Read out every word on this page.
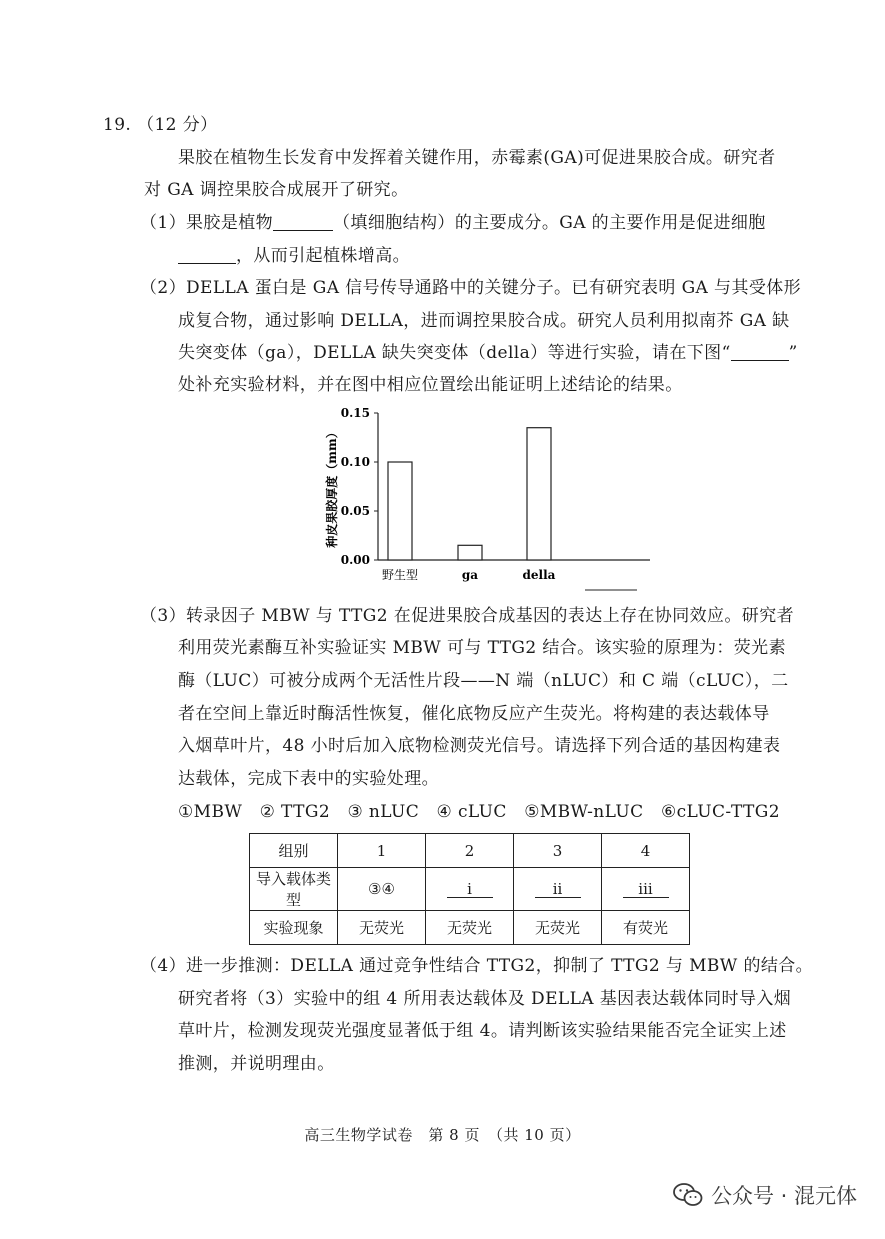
19. （12 分）
果胶在植物生长发育中发挥着关键作用，赤霉素(GA)可促进果胶合成。研究者
对 GA 调控果胶合成展开了研究。
（1）果胶是植物	（填细胞结构）的主要成分。GA 的主要作用是促进细胞
，从而引起植株增高。
（2）DELLA 蛋白是 GA 信号传导通路中的关键分子。已有研究表明 GA 与其受体形
成复合物，通过影响 DELLA，进而调控果胶合成。研究人员利用拟南芥 GA 缺
失突变体（ga），DELLA 缺失突变体（della）等进行实验，请在下图“	”
处补充实验材料，并在图中相应位置绘出能证明上述结论的结果。
0.15
0.10
0.05
0.00
野生型	ga	della
种皮果胶厚度（mm）
（3）转录因子 MBW 与 TTG2 在促进果胶合成基因的表达上存在协同效应。研究者
利用荧光素酶互补实验证实 MBW 可与 TTG2 结合。该实验的原理为：荧光素
酶（LUC）可被分成两个无活性片段——N 端（nLUC）和 C 端（cLUC），二
者在空间上靠近时酶活性恢复，催化底物反应产生荧光。将构建的表达载体导
入烟草叶片，48 小时后加入底物检测荧光信号。请选择下列合适的基因构建表
达载体，完成下表中的实验处理。
①MBW　② TTG2　③ nLUC　④ cLUC　⑤MBW-nLUC　⑥cLUC-TTG2
组别	1	2	3	4
导入载体类型	③④	i	ii	iii
实验现象	无荧光	无荧光	无荧光	有荧光
（4）进一步推测：DELLA 通过竞争性结合 TTG2，抑制了 TTG2 与 MBW 的结合。
研究者将（3）实验中的组 4 所用表达载体及 DELLA 基因表达载体同时导入烟
草叶片，检测发现荧光强度显著低于组 4。请判断该实验结果能否完全证实上述
推测，并说明理由。
高三生物学试卷　第 8 页　（共 10 页）
公众号 · 混元体
